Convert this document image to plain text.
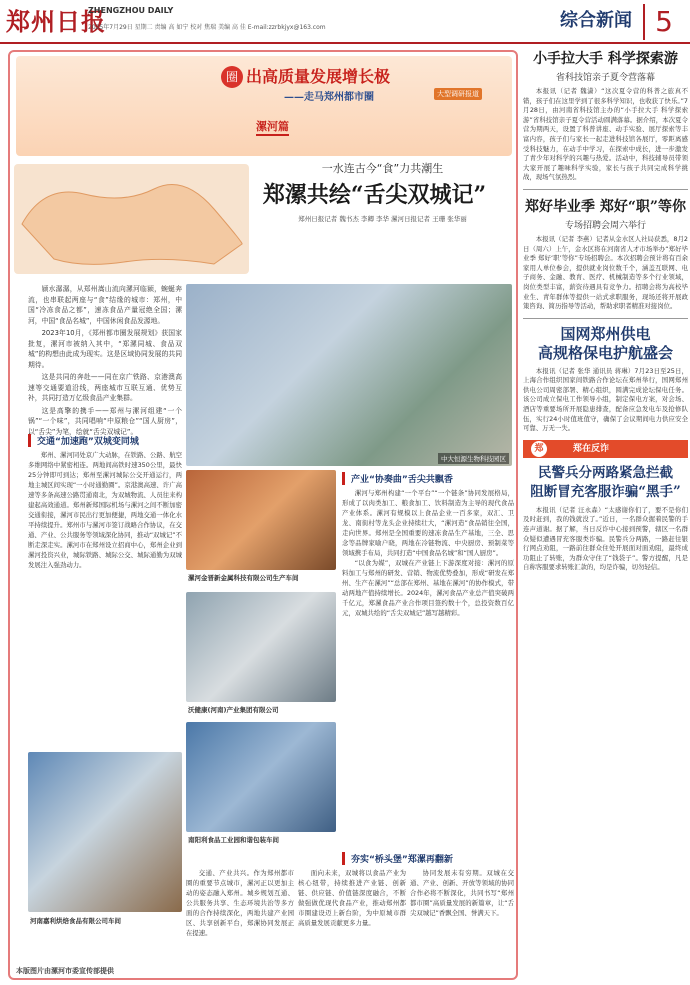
郑州日报
ZHENGZHOU DAILY
2025年7月29日 星期二 责编 高 如宁 校对 焦瑞 美编 高 佳 E-mail:zzrbkjyx@163.com	综合新闻 5
圈 出高质量发展增长极
——走马郑州都市圈	大型调研报道
漯河篇
一水连古今“食”力共潮生
郑漯共绘“舌尖双城记”
郑州日报记者 魏书杰 李卿 李华 漯河日报记者 王珊 张华丽

颍水潺潺，从郑州嵩山流向漯河临颍，蜿蜒奔流，也串联起两座与“食”结缘的城市：郑州，中国“冷冻食品之都”，速冻食品产量冠绝全国；漯河，中国“食品名城”，中国休闲食品发源地。

2023年10月，《郑州都市圈发展规划》获国家批复，漯河市被纳入其中，“郑漯同城、食品双城”的构想由此成为现实。这是区域协同发展的共同期待。

这是共同的奔赴——同在京广铁路、京港澳高速等交通要道沿线，两座城市互联互通、优势互补，共同打造万亿级食品产业集群。

这是高擎的携手——郑州与漯河组建“一个锅”“一个味”，共同唱响“中原粮仓”“国人厨房”，以“舌尖”为笔，绘就“舌尖双城记”。

中大恒源生物科技园区
交通“加速跑”双城变同城

郑州、漯河同处京广大动脉，在铁路、公路、航空多维网络中紧密相连。两地间高铁时速350公里，最快25分钟即可到达；郑州至漯河城际公交开通运行，两地主城区间实现“一小时通勤圈”。京港澳高速、许广高速等多条高速公路贯通南北，为双城物流、人员往来构建起高效通道。郑州新郑国际机场与漯河之间不断加密交通衔接，漯河市民出行更加便捷，两地交通一体化水平持续提升。郑州市与漯河市签订战略合作协议，在交通、产业、公共服务等领域深化协同，推动“双城记”不断走深走实。漯河市在郑州设立招商中心，郑州企业到漯河投资兴业，城际铁路、城际公交、城际通勤为双城发展注入强劲动力。

漯河金晋新金属科技有限公司生产车间
产业“协奏曲”舌尖共飘香

漯河与郑州构建“一个平台”“一个链条”协同发展格局，形成了以肉类加工、粮食加工、饮料制造为主导的现代食品产业体系。漯河有规模以上食品企业一百多家，双汇、卫龙、南街村等龙头企业持续壮大，“漯河造”食品销往全国，走向世界。郑州是全国重要的速冻食品生产基地，三全、思念等品牌家喻户晓，两地在冷链物流、中央厨房、预制菜等领域携手布局，共同打造“中国食品名城”和“国人厨房”。

“以食为媒”，双城在产业链上下游深度对接：漯河的原料加工与郑州的研发、营销、物流优势叠加，形成“研发在郑州、生产在漯河”“总部在郑州、基地在漯河”的协作模式，带动两地产值持续增长。2024年，漯河食品产业总产值突破两千亿元，郑漯食品产业合作项目签约数十个，总投资数百亿元，双城共绘的“舌尖双城记”越写越精彩。

沃健康(河南)产业集团有限公司
南阳利食品工业园和谐包装车间
河南嘉利烘焙食品有限公司车间
夯实“桥头堡”郑漯再翻新

交通、产业共兴。作为郑州都市圈的重要节点城市，漯河正以更加主动的姿态融入郑州。城乡规划互通、公共服务共享、生态环境共治等多方面的合作持续深化，两地共建产业园区、共享创新平台，郑漯协同发展正在提速。

面向未来，双城将以食品产业为核心纽带，持续推进产业链、创新链、供应链、价值链深度融合，不断做强做优现代食品产业，推动郑州都市圈建设迈上新台阶，为中原城市群高质量发展贡献更多力量。

协同发展未有穷期。双城在交通、产业、创新、开放等领域的协同合作必将不断深化，共同书写“郑州都市圈”高质量发展的新篇章，让“舌尖双城记”香飘全国、誉满天下。

本版图片由漯河市委宣传部提供
小手拉大手 科学探索游
省科技馆亲子夏令营落幕

本报讯（记者 魏潇）“这次夏令营的科普之旅真不错，孩子们在这里学到了很多科学知识，也收获了快乐。”7月28日，由河南省科技馆主办的“小手拉大手 科学探索游”省科技馆亲子夏令营活动圆满落幕。据介绍，本次夏令营为期两天，设置了科普讲座、动手实验、展厅探索等丰富内容，孩子们与家长一起走进科技馆各展厅，零距离感受科技魅力，在动手中学习，在探索中成长，进一步激发了青少年对科学的兴趣与热爱。活动中，科技辅导员带领大家开展了趣味科学实验，家长与孩子共同完成科学挑战，现场气氛热烈。

郑好毕业季 郑好“职”等你
专场招聘会周六举行

本报讯（记者 李燕）记者从金水区人社局获悉，8月2日（周六）上午，金水区将在河南省人才市场举办“郑好毕业季 郑好‘职’等你”专场招聘会。本次招聘会预计将有百余家用人单位参会，提供就业岗位数千个，涵盖互联网、电子商务、金融、教育、医疗、机械制造等多个行业领域，岗位类型丰富，薪资待遇具有竞争力。招聘会将为高校毕业生、青年群体等提供一站式求职服务，现场还将开展政策咨询、简历指导等活动，帮助求职者精准对接岗位。

国网郑州供电
高规格保电护航盛会

本报讯（记者 张华 通讯员 蒋琳）7月23日至25日，上海合作组织国家间铁路合作论坛在郑州举行，国网郑州供电公司周密部署、精心组织，圆满完成论坛保电任务。该公司成立保电工作领导小组，制定保电方案，对会场、酒店等重要场所开展隐患排查，配备应急发电车及抢修队伍，实行24小时值班值守，确保了会议期间电力供应安全可靠、万无一失。

郑	郑在反诈
民警兵分两路紧急拦截
阻断冒充客服诈骗“黑手”

本报讯（记者 汪永森）“太感谢你们了，要不是你们及时赶到，我的钱就没了。”近日，一名群众握着民警的手连声道谢。据了解，当日反诈中心接到预警，辖区一名群众疑似遭遇冒充客服类诈骗。民警兵分两路，一路赶往银行网点劝阻，一路前往群众住处开展面对面劝阻，最终成功阻止了转账，为群众守住了“钱袋子”。警方提醒，凡是自称客服要求转账汇款的，均是诈骗，切勿轻信。
